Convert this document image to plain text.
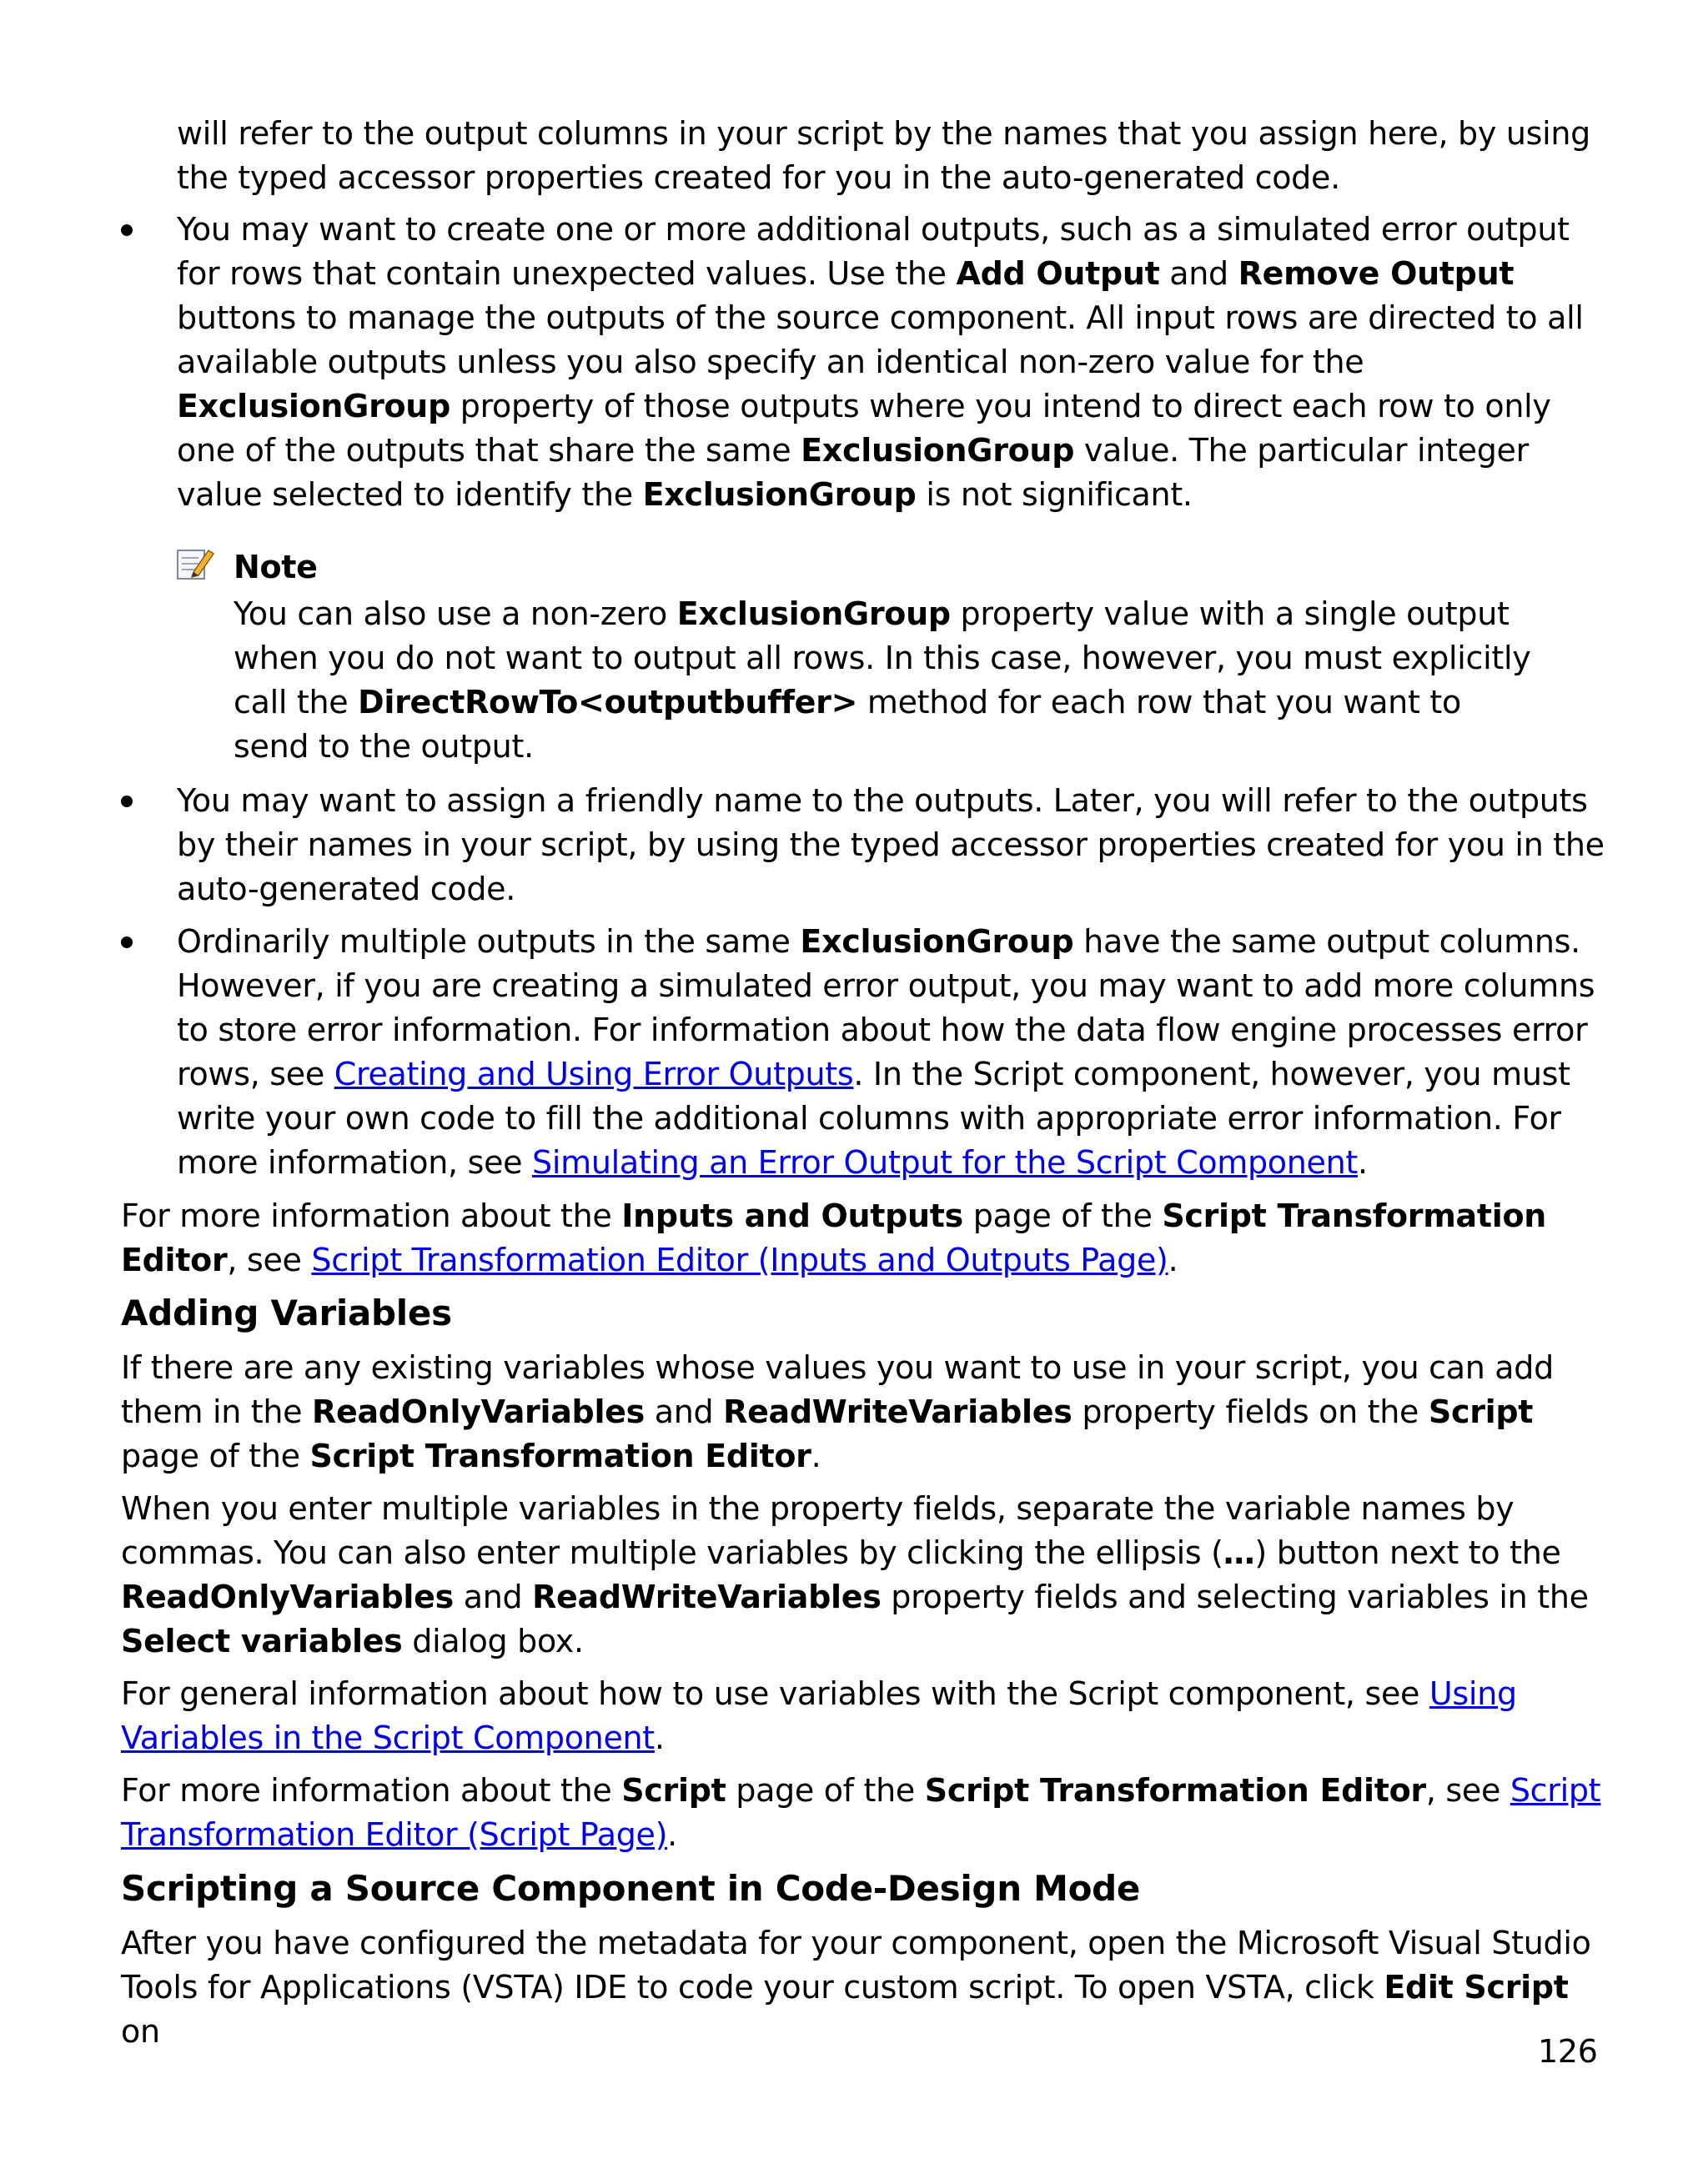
will refer to the output columns in your script by the names that you assign here, by using the typed accessor properties created for you in the auto-generated code.

You may want to create one or more additional outputs, such as a simulated error output for rows that contain unexpected values. Use the Add Output and Remove Output buttons to manage the outputs of the source component. All input rows are directed to all available outputs unless you also specify an identical non-zero value for the ExclusionGroup property of those outputs where you intend to direct each row to only one of the outputs that share the same ExclusionGroup value. The particular integer value selected to identify the ExclusionGroup is not significant.

Note

You can also use a non-zero ExclusionGroup property value with a single output when you do not want to output all rows. In this case, however, you must explicitly call the DirectRowTo<outputbuffer> method for each row that you want to send to the output.

You may want to assign a friendly name to the outputs. Later, you will refer to the outputs by their names in your script, by using the typed accessor properties created for you in the auto-generated code.

Ordinarily multiple outputs in the same ExclusionGroup have the same output columns. However, if you are creating a simulated error output, you may want to add more columns to store error information. For information about how the data flow engine processes error rows, see Creating and Using Error Outputs. In the Script component, however, you must write your own code to fill the additional columns with appropriate error information. For more information, see Simulating an Error Output for the Script Component.

For more information about the Inputs and Outputs page of the Script Transformation Editor, see Script Transformation Editor (Inputs and Outputs Page).

Adding Variables

If there are any existing variables whose values you want to use in your script, you can add them in the ReadOnlyVariables and ReadWriteVariables property fields on the Script page of the Script Transformation Editor.

When you enter multiple variables in the property fields, separate the variable names by commas. You can also enter multiple variables by clicking the ellipsis (…) button next to the ReadOnlyVariables and ReadWriteVariables property fields and selecting variables in the Select variables dialog box.

For general information about how to use variables with the Script component, see Using Variables in the Script Component.

For more information about the Script page of the Script Transformation Editor, see Script Transformation Editor (Script Page).

Scripting a Source Component in Code-Design Mode

After you have configured the metadata for your component, open the Microsoft Visual Studio Tools for Applications (VSTA) IDE to code your custom script. To open VSTA, click Edit Script on

126
